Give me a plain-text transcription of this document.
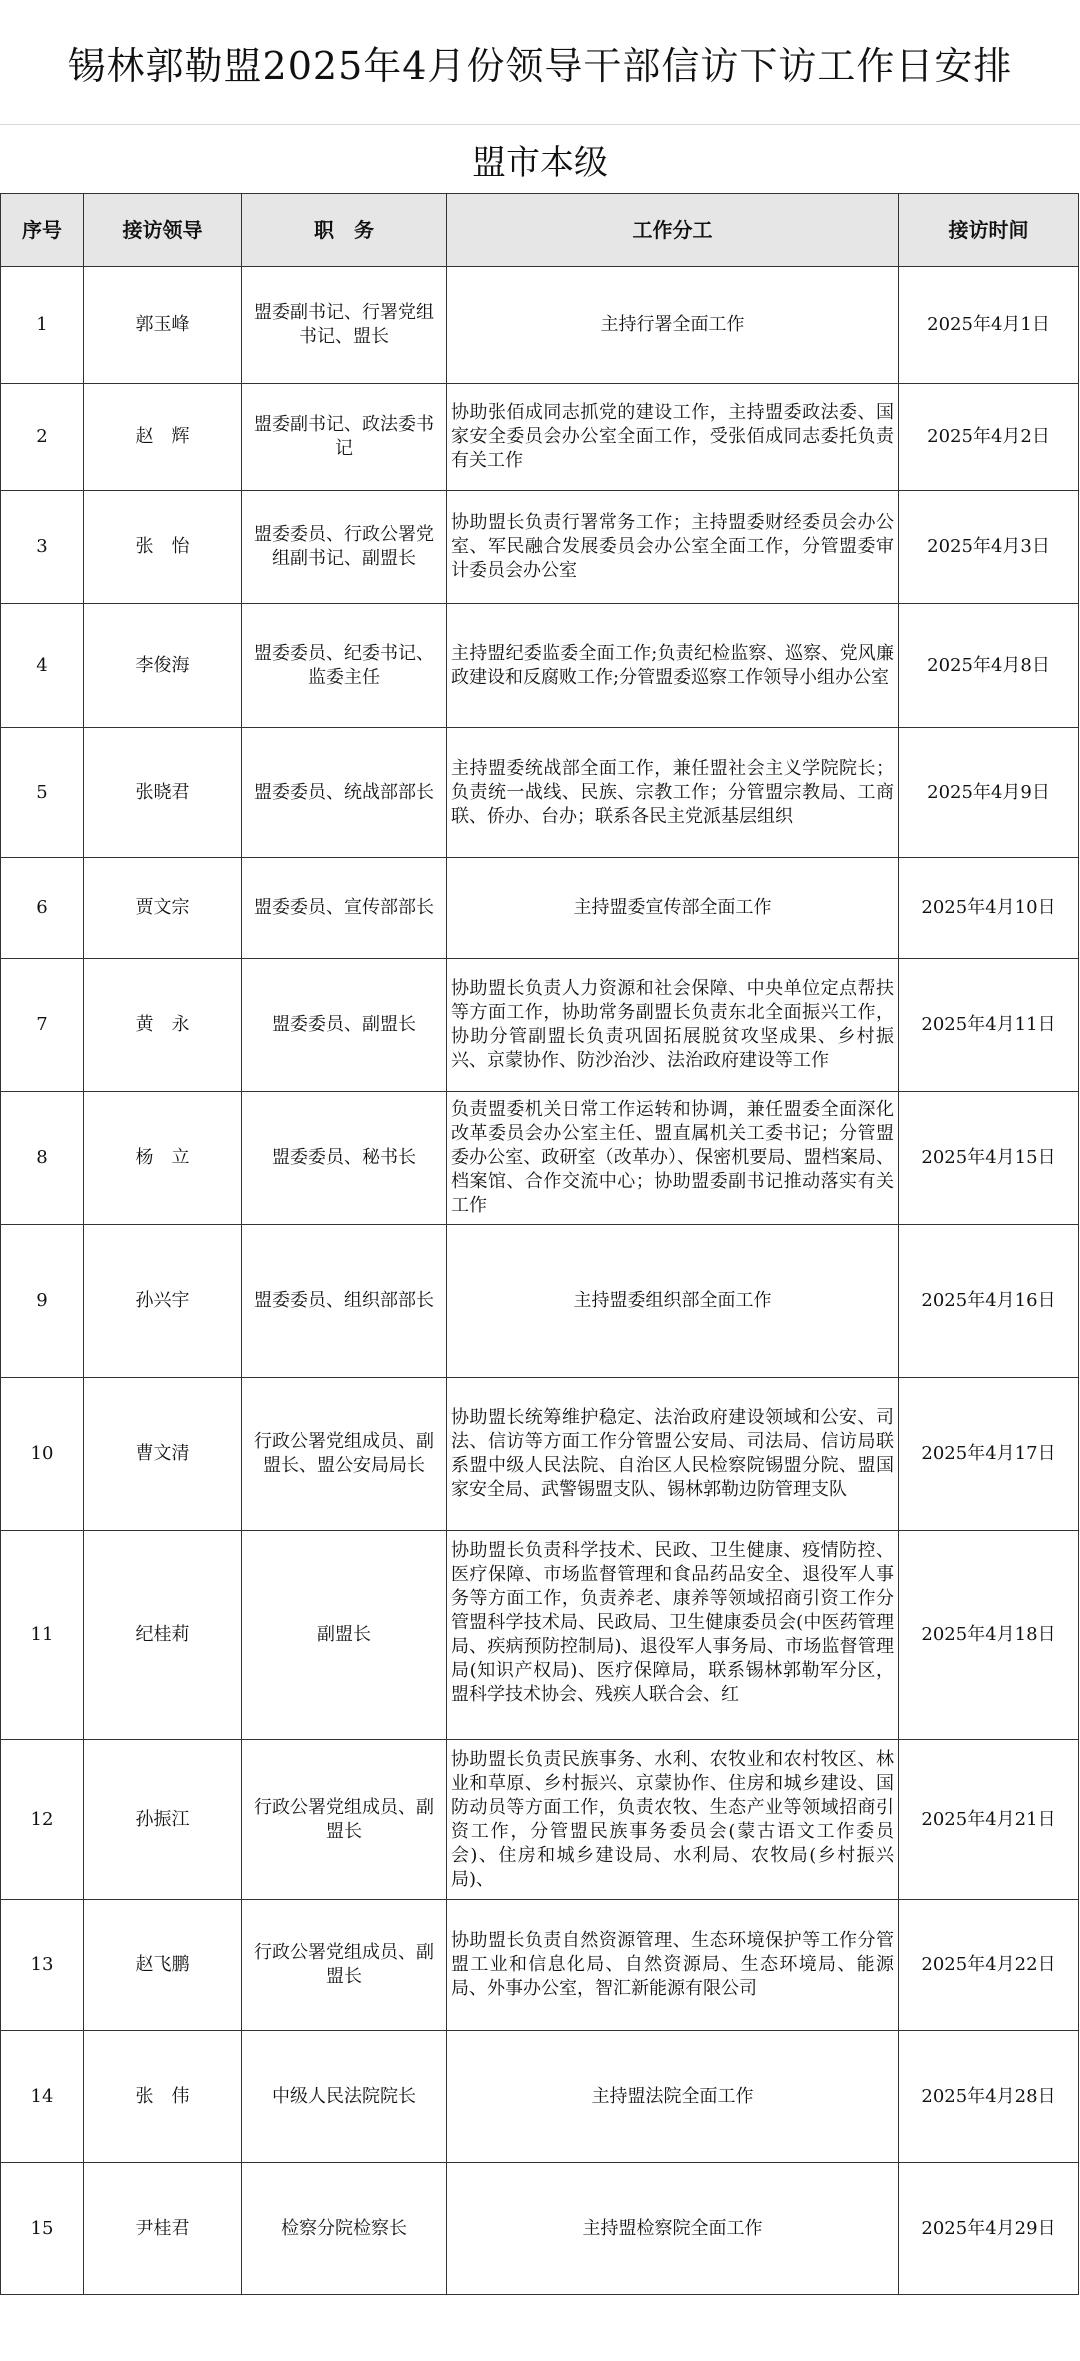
锡林郭勒盟2025年4月份领导干部信访下访工作日安排
盟市本级
序号	接访领导	职　务	工作分工	接访时间
1	郭玉峰	盟委副书记、行署党组书记、盟长	主持行署全面工作	2025年4月1日
2	赵　辉	盟委副书记、政法委书记	协助张佰成同志抓党的建设工作，主持盟委政法委、国家安全委员会办公室全面工作，受张佰成同志委托负责有关工作	2025年4月2日
3	张　怡	盟委委员、行政公署党组副书记、副盟长	协助盟长负责行署常务工作；主持盟委财经委员会办公室、军民融合发展委员会办公室全面工作，分管盟委审计委员会办公室	2025年4月3日
4	李俊海	盟委委员、纪委书记、监委主任	主持盟纪委监委全面工作;负责纪检监察、巡察、党风廉政建设和反腐败工作;分管盟委巡察工作领导小组办公室	2025年4月8日
5	张晓君	盟委委员、统战部部长	主持盟委统战部全面工作，兼任盟社会主义学院院长；负责统一战线、民族、宗教工作；分管盟宗教局、工商联、侨办、台办；联系各民主党派基层组织	2025年4月9日
6	贾文宗	盟委委员、宣传部部长	主持盟委宣传部全面工作	2025年4月10日
7	黄　永	盟委委员、副盟长	协助盟长负责人力资源和社会保障、中央单位定点帮扶等方面工作，协助常务副盟长负责东北全面振兴工作，协助分管副盟长负责巩固拓展脱贫攻坚成果、乡村振兴、京蒙协作、防沙治沙、法治政府建设等工作	2025年4月11日
8	杨　立	盟委委员、秘书长	负责盟委机关日常工作运转和协调，兼任盟委全面深化改革委员会办公室主任、盟直属机关工委书记；分管盟委办公室、政研室（改革办）、保密机要局、盟档案局、档案馆、合作交流中心；协助盟委副书记推动落实有关工作	2025年4月15日
9	孙兴宇	盟委委员、组织部部长	主持盟委组织部全面工作	2025年4月16日
10	曹文清	行政公署党组成员、副盟长、盟公安局局长	协助盟长统筹维护稳定、法治政府建设领域和公安、司法、信访等方面工作分管盟公安局、司法局、信访局联系盟中级人民法院、自治区人民检察院锡盟分院、盟国家安全局、武警锡盟支队、锡林郭勒边防管理支队	2025年4月17日
11	纪桂莉	副盟长	协助盟长负责科学技术、民政、卫生健康、疫情防控、医疗保障、市场监督管理和食品药品安全、退役军人事务等方面工作，负责养老、康养等领域招商引资工作分管盟科学技术局、民政局、卫生健康委员会(中医药管理局、疾病预防控制局)、退役军人事务局、市场监督管理局(知识产权局)、医疗保障局，联系锡林郭勒军分区，盟科学技术协会、残疾人联合会、红	2025年4月18日
12	孙振江	行政公署党组成员、副盟长	协助盟长负责民族事务、水利、农牧业和农村牧区、林业和草原、乡村振兴、京蒙协作、住房和城乡建设、国防动员等方面工作，负责农牧、生态产业等领域招商引资工作，分管盟民族事务委员会(蒙古语文工作委员会)、住房和城乡建设局、水利局、农牧局(乡村振兴局)、	2025年4月21日
13	赵飞鹏	行政公署党组成员、副盟长	协助盟长负责自然资源管理、生态环境保护等工作分管盟工业和信息化局、自然资源局、生态环境局、能源局、外事办公室，智汇新能源有限公司	2025年4月22日
14	张　伟	中级人民法院院长	主持盟法院全面工作	2025年4月28日
15	尹桂君	检察分院检察长	主持盟检察院全面工作	2025年4月29日
